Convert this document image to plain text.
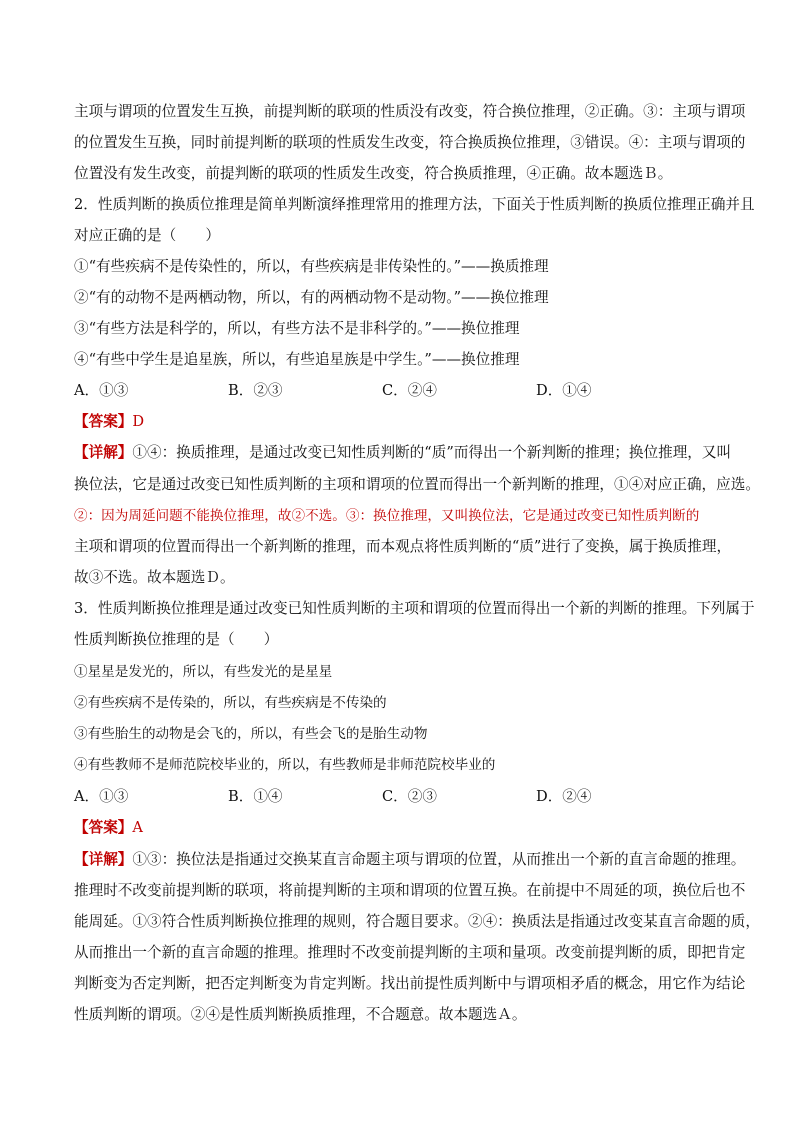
主项与谓项的位置发生互换，前提判断的联项的性质没有改变，符合换位推理，②正确。③：主项与谓项
的位置发生互换，同时前提判断的联项的性质发生改变，符合换质换位推理，③错误。④：主项与谓项的
位置没有发生改变，前提判断的联项的性质发生改变，符合换质推理，④正确。故本题选Ｂ。
2．性质判断的换质位推理是简单判断演绎推理常用的推理方法，下面关于性质判断的换质位推理正确并且
对应正确的是（　　）
①“有些疾病不是传染性的，所以，有些疾病是非传染性的。”——换质推理
②“有的动物不是两栖动物，所以，有的两栖动物不是动物。”——换位推理
③“有些方法是科学的，所以，有些方法不是非科学的。”——换位推理
④“有些中学生是追星族，所以，有些追星族是中学生。”——换位推理
A．①③	B．②③	C．②④	D．①④
【答案】D
【详解】①④：换质推理，是通过改变已知性质判断的“质”而得出一个新判断的推理；换位推理，又叫
换位法，它是通过改变已知性质判断的主项和谓项的位置而得出一个新判断的推理，①④对应正确，应选。
②：因为周延问题不能换位推理，故②不选。③：换位推理，又叫换位法，它是通过改变已知性质判断的
主项和谓项的位置而得出一个新判断的推理，而本观点将性质判断的“质”进行了变换，属于换质推理，
故③不选。故本题选Ｄ。
3．性质判断换位推理是通过改变已知性质判断的主项和谓项的位置而得出一个新的判断的推理。下列属于
性质判断换位推理的是（　　）
①星星是发光的，所以，有些发光的是星星
②有些疾病不是传染的，所以，有些疾病是不传染的
③有些胎生的动物是会飞的，所以，有些会飞的是胎生动物
④有些教师不是师范院校毕业的，所以，有些教师是非师范院校毕业的
A．①③	B．①④	C．②③	D．②④
【答案】A
【详解】①③：换位法是指通过交换某直言命题主项与谓项的位置，从而推出一个新的直言命题的推理。
推理时不改变前提判断的联项，将前提判断的主项和谓项的位置互换。在前提中不周延的项，换位后也不
能周延。①③符合性质判断换位推理的规则，符合题目要求。②④：换质法是指通过改变某直言命题的质，
从而推出一个新的直言命题的推理。推理时不改变前提判断的主项和量项。改变前提判断的质，即把肯定
判断变为否定判断，把否定判断变为肯定判断。找出前提性质判断中与谓项相矛盾的概念，用它作为结论
性质判断的谓项。②④是性质判断换质推理，不合题意。故本题选Ａ。
